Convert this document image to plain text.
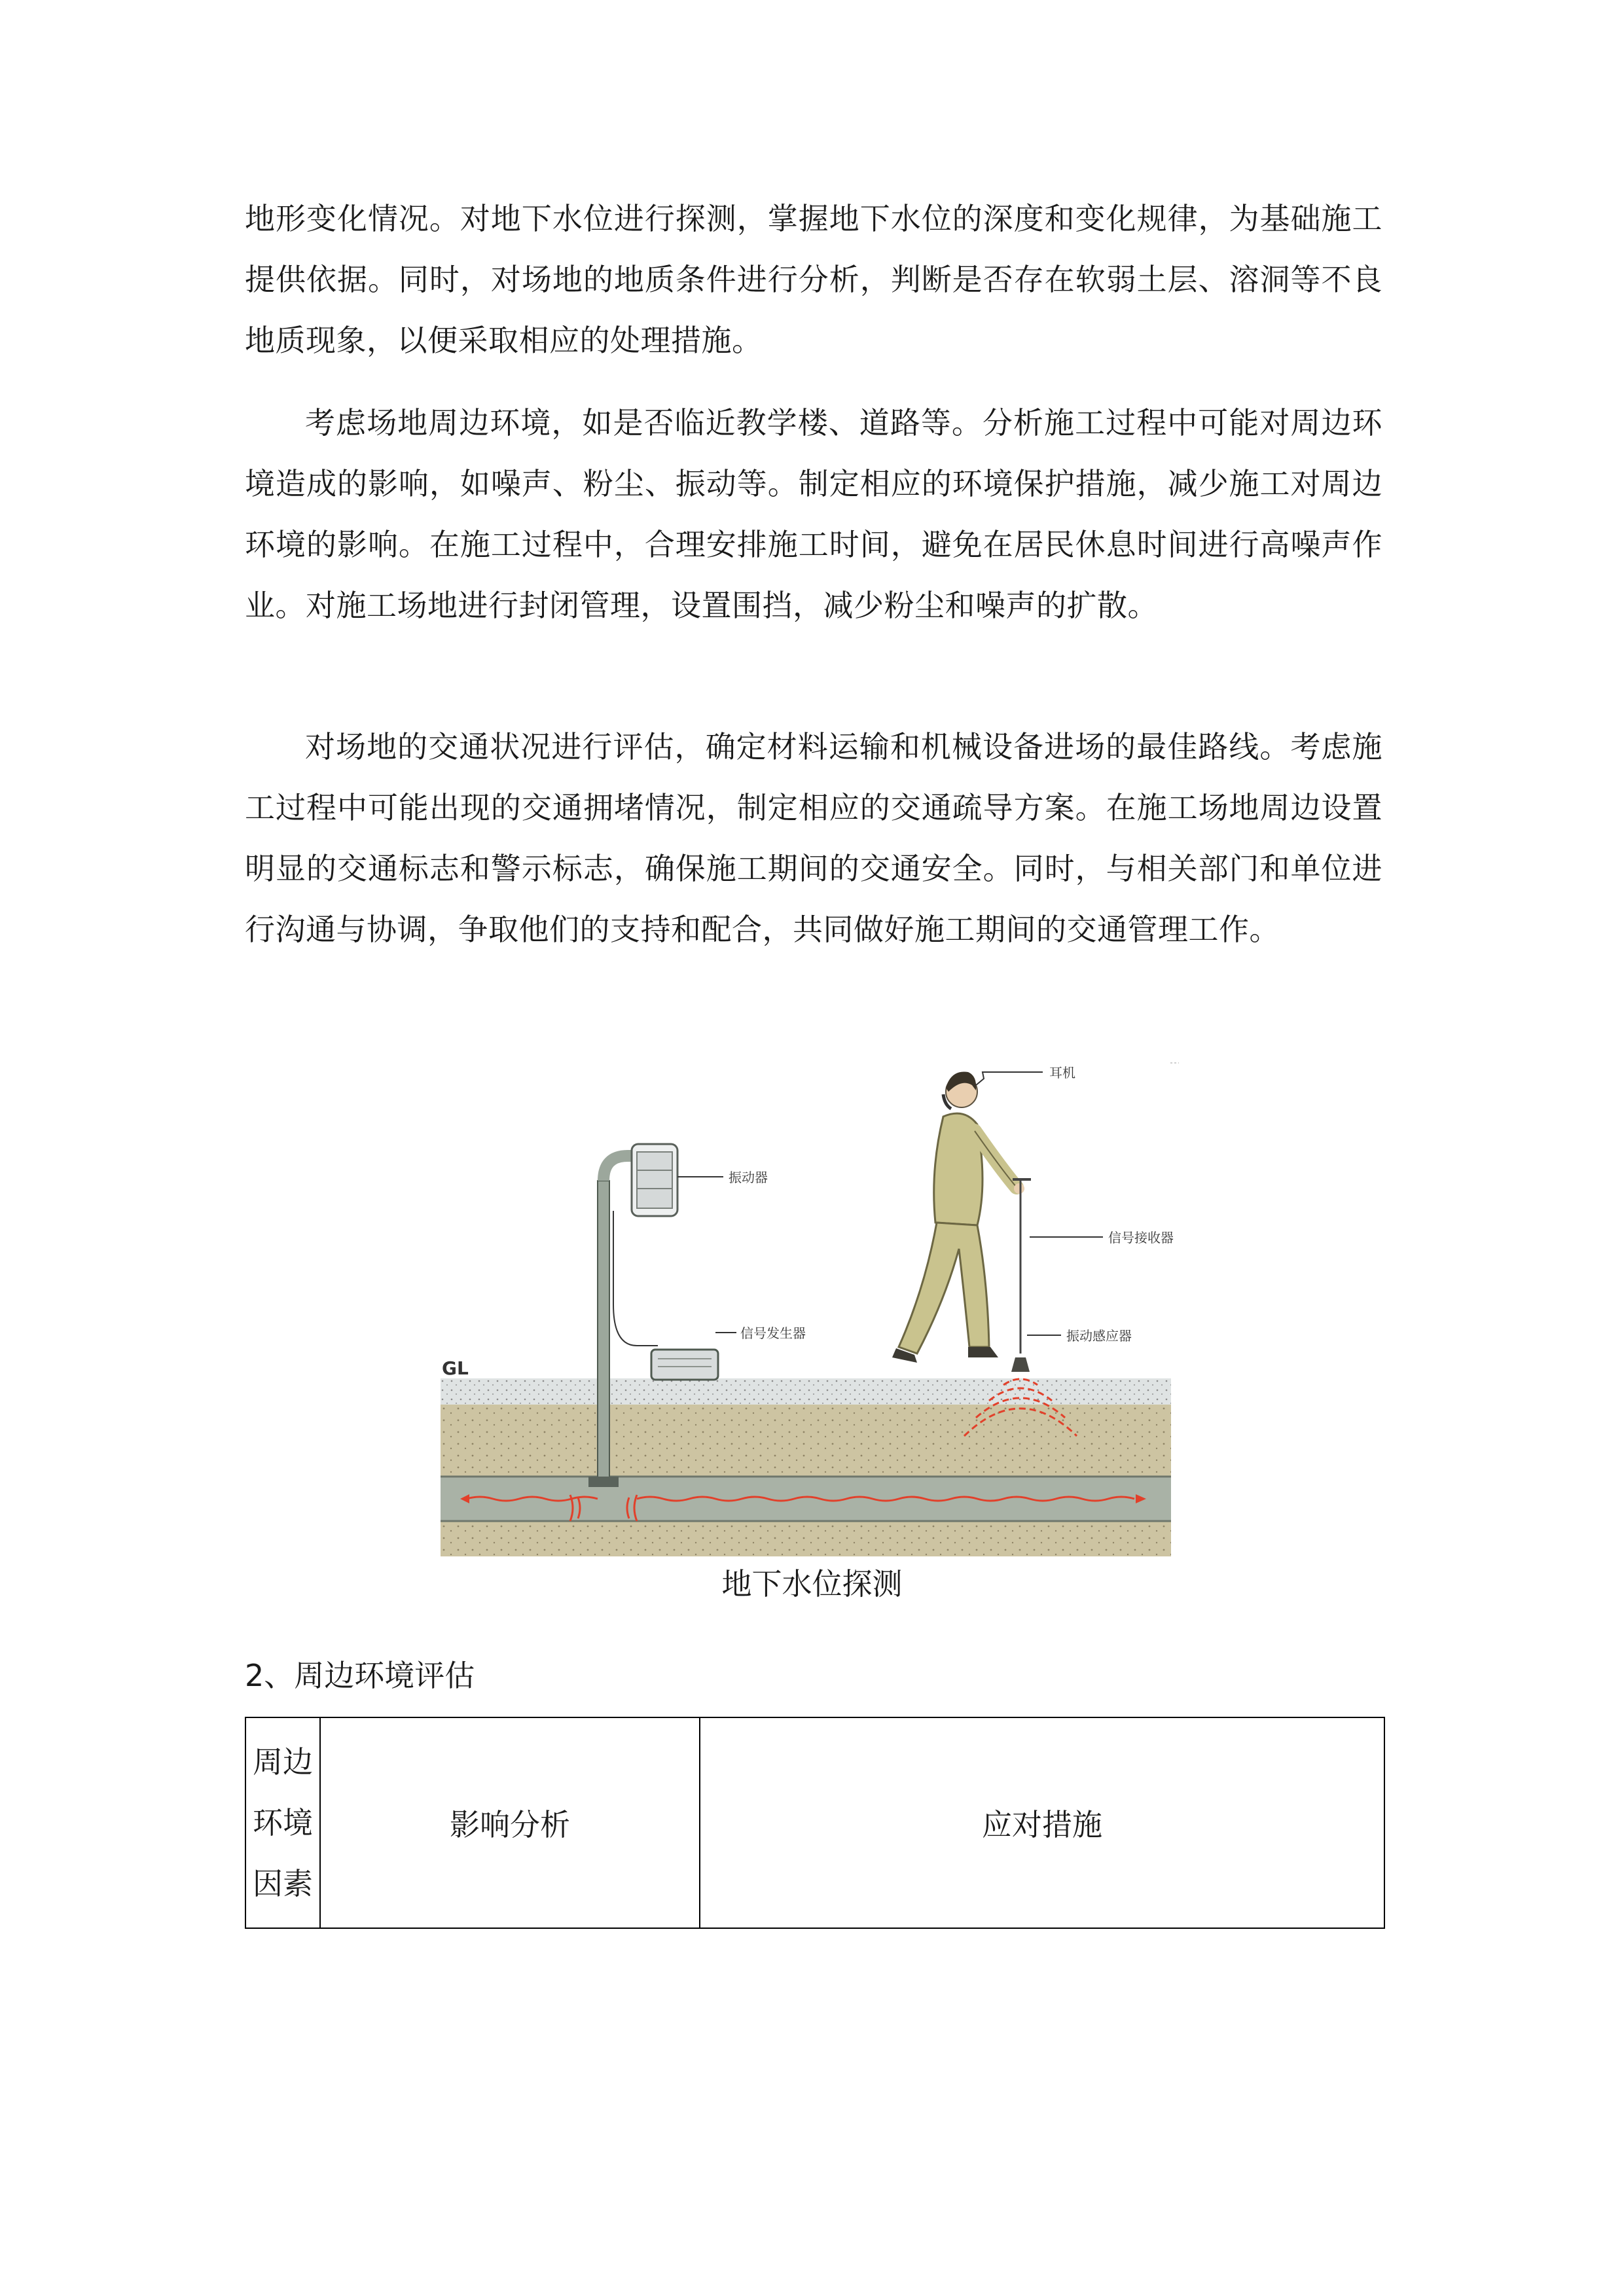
地形变化情况。对地下水位进行探测，掌握地下水位的深度和变化规律，为基础施工提供依据。同时，对场地的地质条件进行分析，判断是否存在软弱土层、溶洞等不良地质现象，以便采取相应的处理措施。

考虑场地周边环境，如是否临近教学楼、道路等。分析施工过程中可能对周边环境造成的影响，如噪声、粉尘、振动等。制定相应的环境保护措施，减少施工对周边环境的影响。在施工过程中，合理安排施工时间，避免在居民休息时间进行高噪声作业。对施工场地进行封闭管理，设置围挡，减少粉尘和噪声的扩散。

对场地的交通状况进行评估，确定材料运输和机械设备进场的最佳路线。考虑施工过程中可能出现的交通拥堵情况，制定相应的交通疏导方案。在施工场地周边设置明显的交通标志和警示标志，确保施工期间的交通安全。同时，与相关部门和单位进行沟通与协调，争取他们的支持和配合，共同做好施工期间的交通管理工作。

GL
振动器
信号发生器
耳机
信号接收器
振动感应器
地下水位探测
2、周边环境评估
周边
环境
因素
	影响分析	应对措施
